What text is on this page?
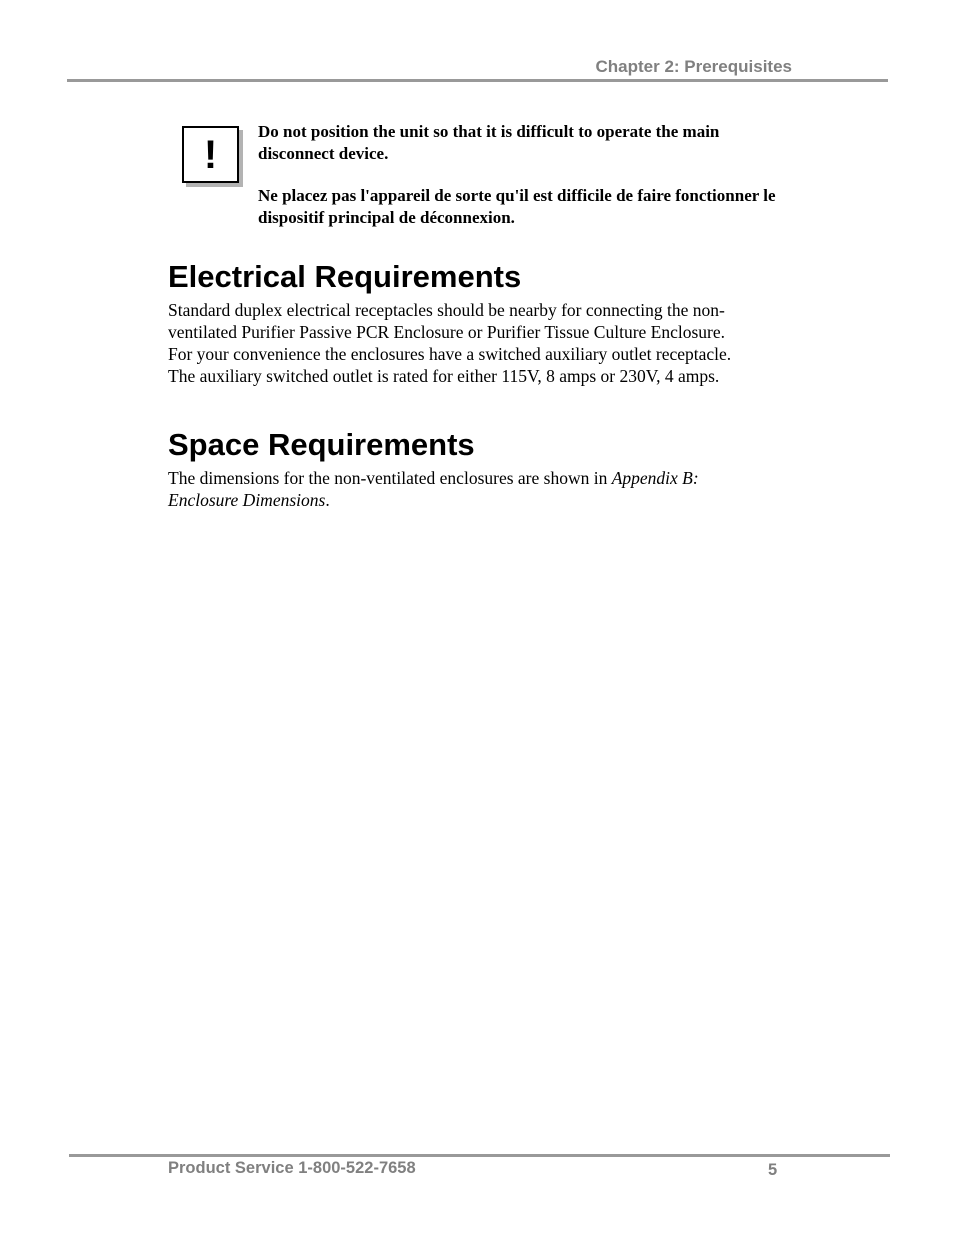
Chapter 2: Prerequisites
!

Do not position the unit so that it is difficult to operate the main disconnect device.

Ne placez pas l'appareil de sorte qu'il est difficile de faire fonctionner le dispositif principal de déconnexion.

Electrical Requirements

Standard duplex electrical receptacles should be nearby for connecting the non-
ventilated Purifier Passive PCR Enclosure or Purifier Tissue Culture Enclosure.
For your convenience the enclosures have a switched auxiliary outlet receptacle.
The auxiliary switched outlet is rated for either 115V, 8 amps or 230V, 4 amps.

Space Requirements

The dimensions for the non-ventilated enclosures are shown in Appendix B:
Enclosure Dimensions.

Product Service 1-800-522-7658	5
